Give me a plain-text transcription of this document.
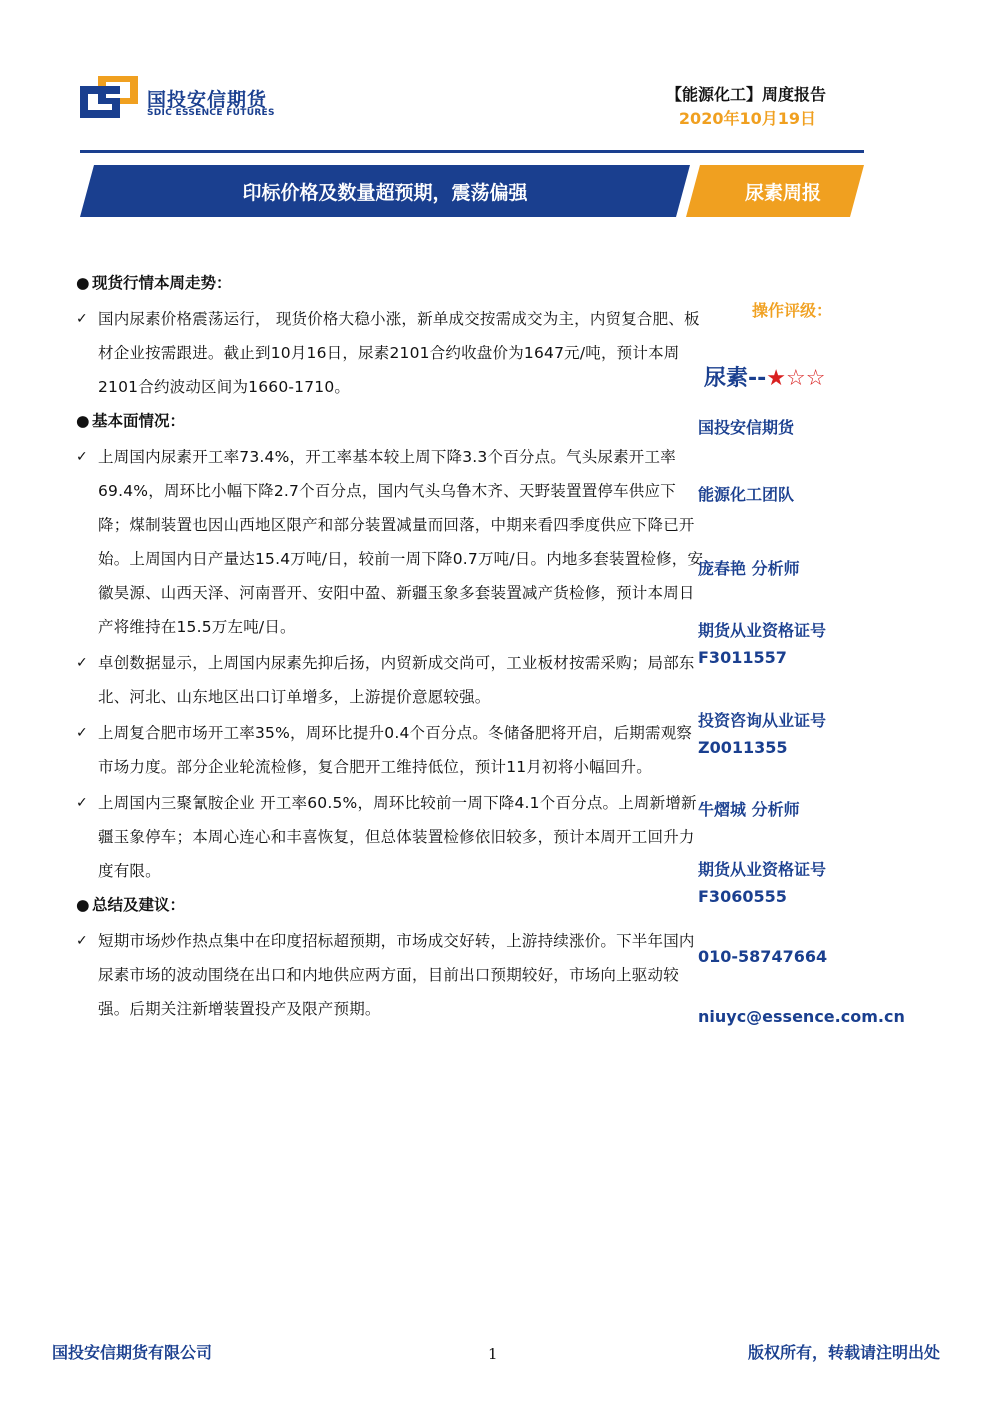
国投安信期货
SDIC ESSENCE FUTURES
【能源化工】周度报告
2020年10月19日
印标价格及数量超预期，震荡偏强	尿素周报
● 现货行情本周走势：
✓ 国内尿素价格震荡运行， 现货价格大稳小涨，新单成交按需成交为主，内贸复合肥、板材企业按需跟进。截止到10月16日，尿素2101合约收盘价为1647元/吨，预计本周2101合约波动区间为1660-1710。
● 基本面情况：
✓ 上周国内尿素开工率73.4%，开工率基本较上周下降3.3个百分点。气头尿素开工率69.4%，周环比小幅下降2.7个百分点，国内气头乌鲁木齐、天野装置置停车供应下降；煤制装置也因山西地区限产和部分装置减量而回落，中期来看四季度供应下降已开始。上周国内日产量达15.4万吨/日，较前一周下降0.7万吨/日。内地多套装置检修，安徽昊源、山西天泽、河南晋开、安阳中盈、新疆玉象多套装置减产货检修，预计本周日产将维持在15.5万左吨/日。
✓ 卓创数据显示，上周国内尿素先抑后扬，内贸新成交尚可，工业板材按需采购；局部东北、河北、山东地区出口订单增多，上游提价意愿较强。
✓ 上周复合肥市场开工率35%，周环比提升0.4个百分点。冬储备肥将开启，后期需观察市场力度。部分企业轮流检修，复合肥开工维持低位，预计11月初将小幅回升。
✓ 上周国内三聚氰胺企业 开工率60.5%，周环比较前一周下降4.1个百分点。上周新增新疆玉象停车；本周心连心和丰喜恢复，但总体装置检修依旧较多，预计本周开工回升力度有限。
● 总结及建议：
✓ 短期市场炒作热点集中在印度招标超预期，市场成交好转，上游持续涨价。下半年国内尿素市场的波动围绕在出口和内地供应两方面，目前出口预期较好，市场向上驱动较强。后期关注新增装置投产及限产预期。
操作评级：
尿素--★☆☆
国投安信期货
能源化工团队
庞春艳 分析师
期货从业资格证号
F3011557
投资咨询从业证号
Z0011355
牛熠城 分析师
期货从业资格证号
F3060555
010-58747664
niuyc@essence.com.cn
国投安信期货有限公司	1	版权所有，转载请注明出处
